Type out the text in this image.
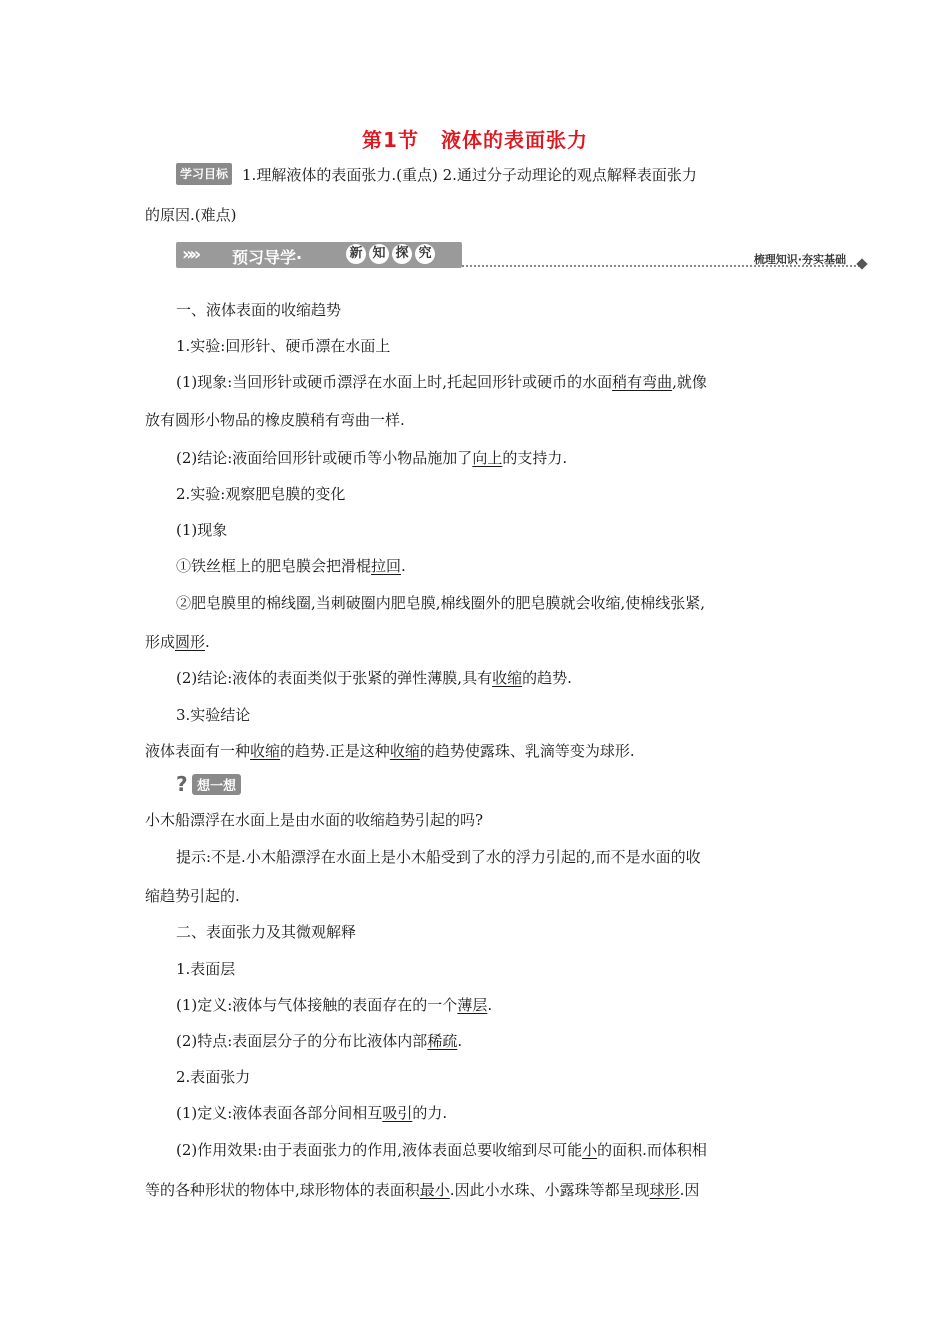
第1节 液体的表面张力
学习目标 1.理解液体的表面张力.(重点) 2.通过分子动理论的观点解释表面张力
的原因.(难点)
»» 预习导学·	新 知 探 究	梳理知识·夯实基础
一、液体表面的收缩趋势
1.实验:回形针、硬币漂在水面上
(1)现象:当回形针或硬币漂浮在水面上时,托起回形针或硬币的水面稍有弯曲,就像
放有圆形小物品的橡皮膜稍有弯曲一样.
(2)结论:液面给回形针或硬币等小物品施加了向上的支持力.
2.实验:观察肥皂膜的变化
(1)现象
①铁丝框上的肥皂膜会把滑棍拉回.
②肥皂膜里的棉线圈,当刺破圈内肥皂膜,棉线圈外的肥皂膜就会收缩,使棉线张紧,
形成圆形.
(2)结论:液体的表面类似于张紧的弹性薄膜,具有收缩的趋势.
3.实验结论
液体表面有一种收缩的趋势.正是这种收缩的趋势使露珠、乳滴等变为球形.
? 想一想
小木船漂浮在水面上是由水面的收缩趋势引起的吗?
提示:不是.小木船漂浮在水面上是小木船受到了水的浮力引起的,而不是水面的收
缩趋势引起的.
二、表面张力及其微观解释
1.表面层
(1)定义:液体与气体接触的表面存在的一个薄层.
(2)特点:表面层分子的分布比液体内部稀疏.
2.表面张力
(1)定义:液体表面各部分间相互吸引的力.
(2)作用效果:由于表面张力的作用,液体表面总要收缩到尽可能小的面积.而体积相
等的各种形状的物体中,球形物体的表面积最小.因此小水珠、小露珠等都呈现球形.因
